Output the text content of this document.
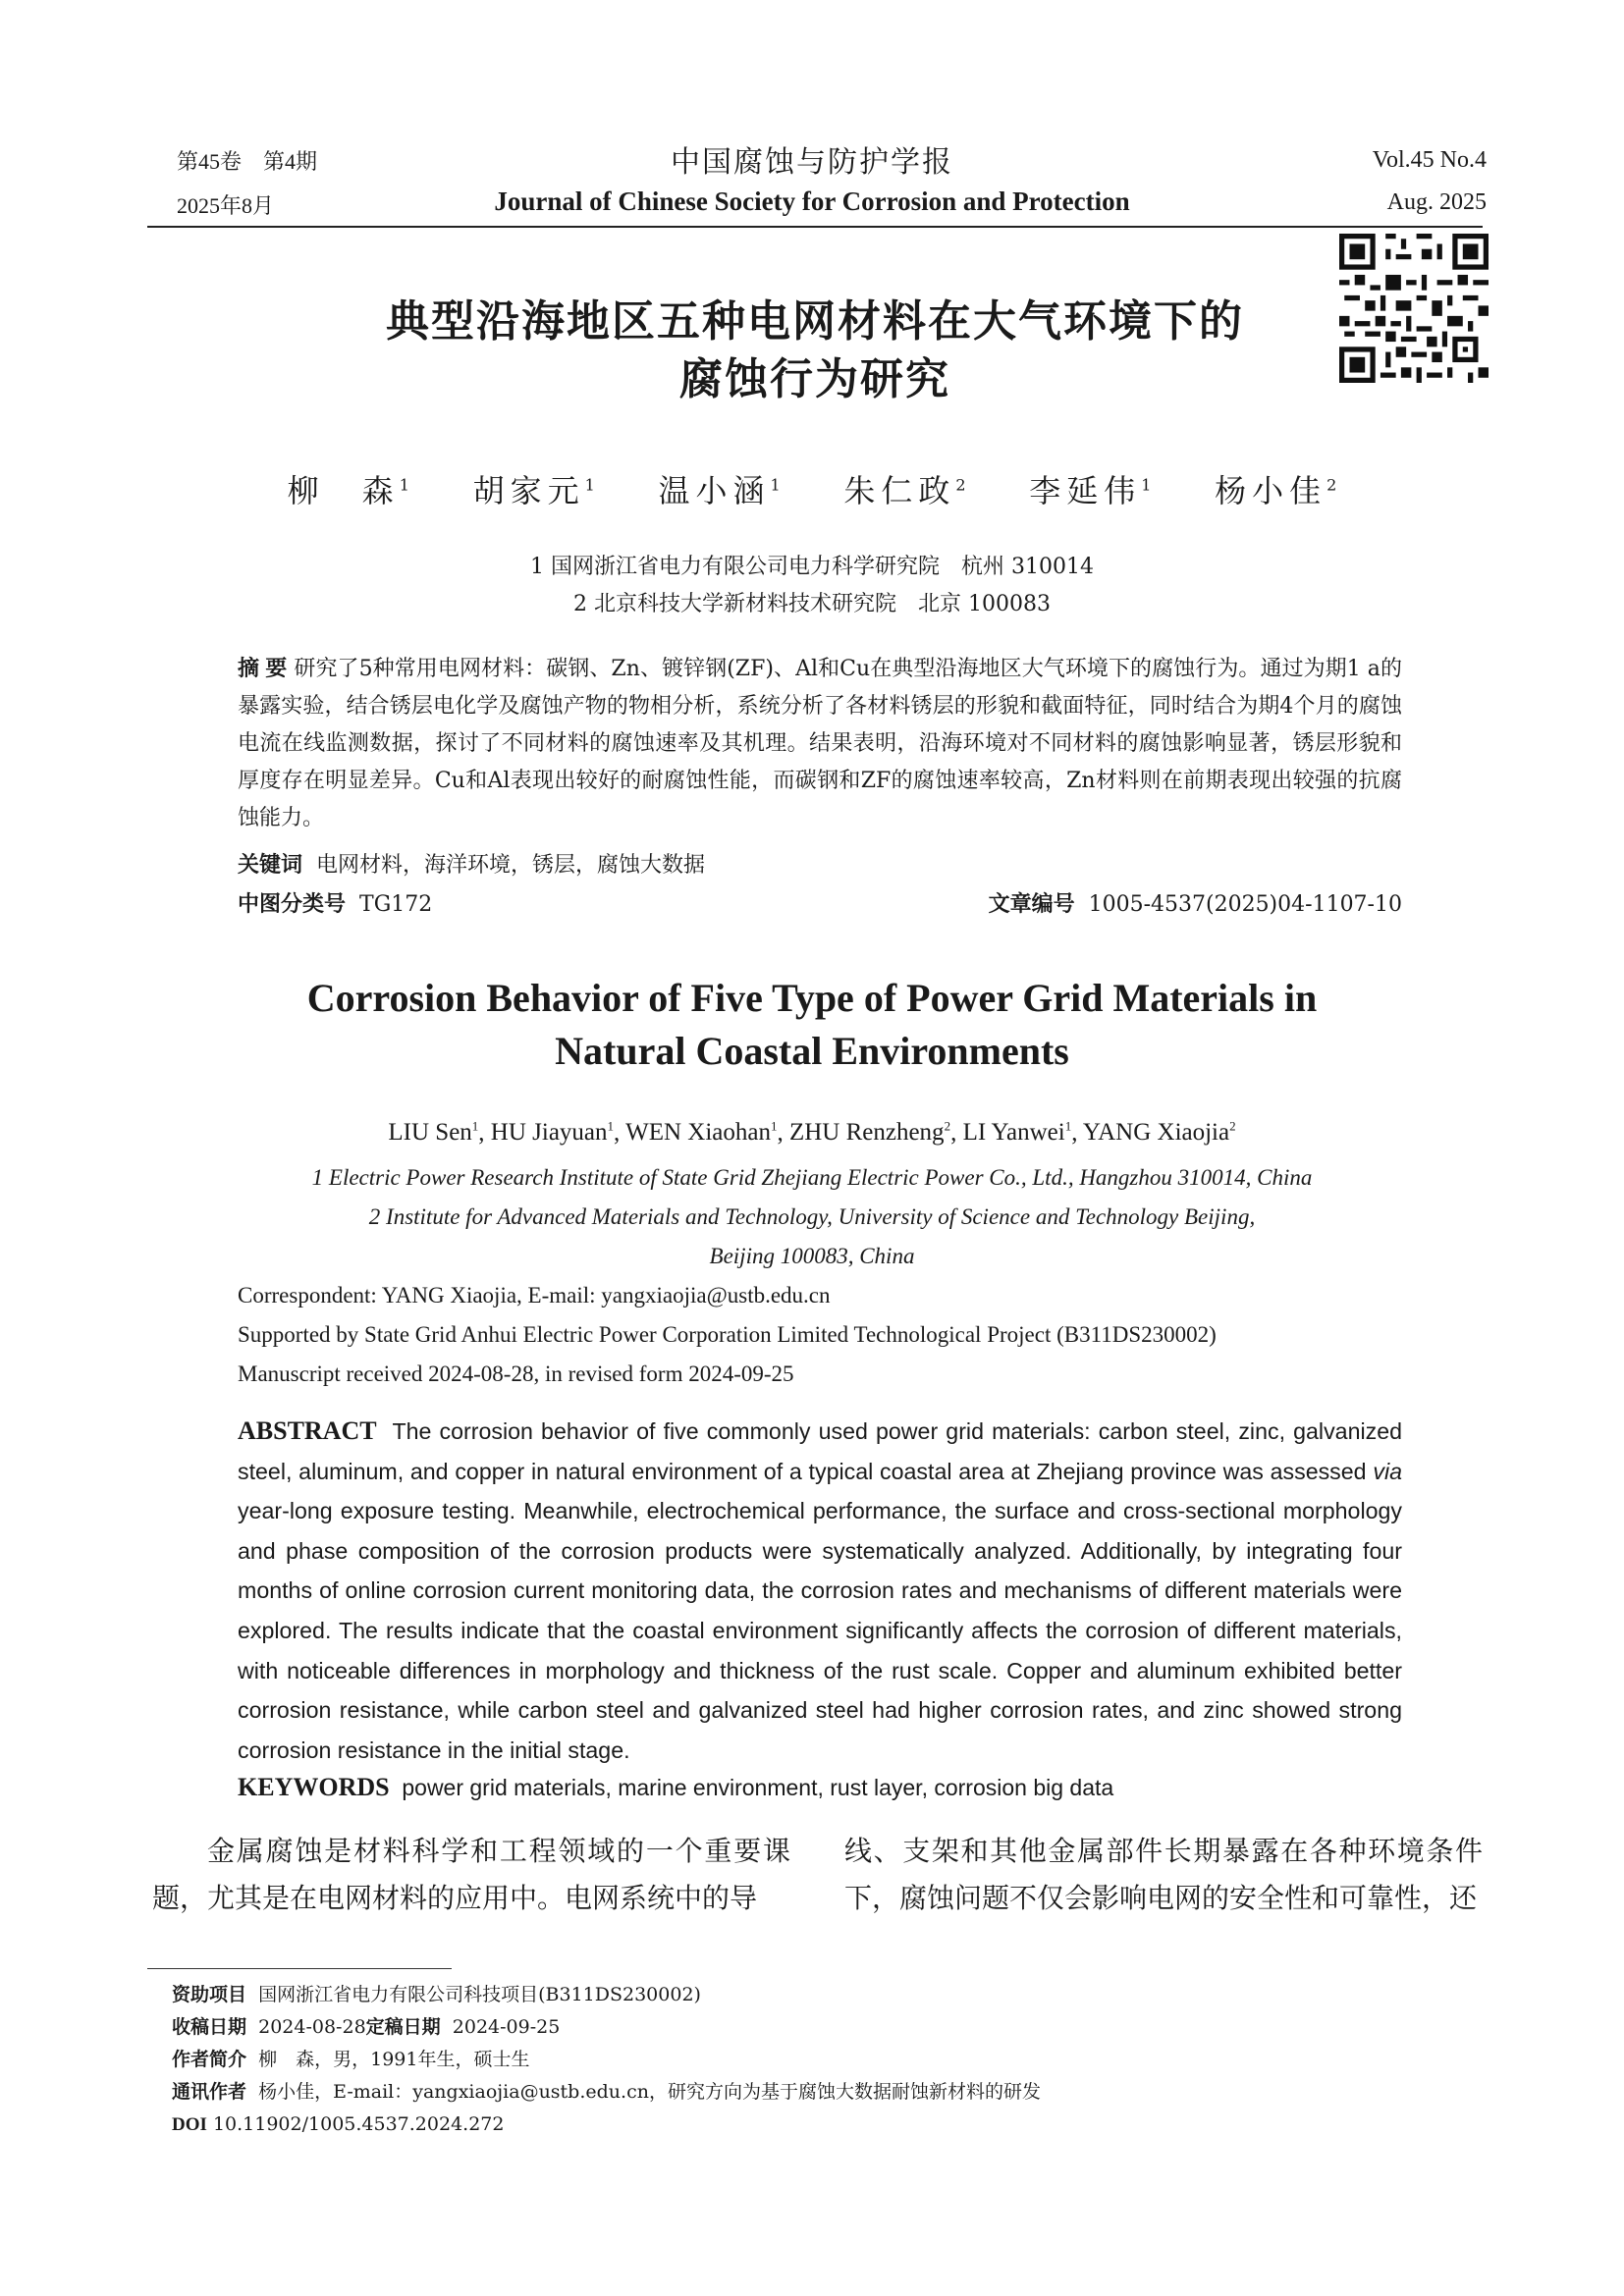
第45卷　第4期
2025年8月
中国腐蚀与防护学报
Journal of Chinese Society for Corrosion and Protection
Vol.45 No.4
Aug. 2025
典型沿海地区五种电网材料在大气环境下的
腐蚀行为研究
柳　森$^1$ 胡家元$^1$ 温小涵$^1$ 朱仁政$^2$ 李延伟$^1$ 杨小佳$^2$
1 国网浙江省电力有限公司电力科学研究院　杭州 310014
2 北京科技大学新材料技术研究院　北京 100083
摘 要 研究了5种常用电网材料：碳钢、Zn、镀锌钢(ZF)、Al和Cu在典型沿海地区大气环境下的腐蚀行为。通过为期1 a的暴露实验，结合锈层电化学及腐蚀产物的物相分析，系统分析了各材料锈层的形貌和截面特征，同时结合为期4个月的腐蚀电流在线监测数据，探讨了不同材料的腐蚀速率及其机理。结果表明，沿海环境对不同材料的腐蚀影响显著，锈层形貌和厚度存在明显差异。Cu和Al表现出较好的耐腐蚀性能，而碳钢和ZF的腐蚀速率较高，Zn材料则在前期表现出较强的抗腐蚀能力。
关键词 电网材料，海洋环境，锈层，腐蚀大数据
中图分类号 TG172	文章编号 1005-4537(2025)04-1107-10
Corrosion Behavior of Five Type of Power Grid Materials in
Natural Coastal Environments
LIU Sen$^1$, HU Jiayuan$^1$, WEN Xiaohan$^1$, ZHU Renzheng$^2$, LI Yanwei$^1$, YANG Xiaojia$^2$
1 Electric Power Research Institute of State Grid Zhejiang Electric Power Co., Ltd., Hangzhou 310014, China
2 Institute for Advanced Materials and Technology, University of Science and Technology Beijing,
Beijing 100083, China
Correspondent: YANG Xiaojia, E-mail: yangxiaojia@ustb.edu.cn
Supported by State Grid Anhui Electric Power Corporation Limited Technological Project (B311DS230002)
Manuscript received 2024-08-28, in revised form 2024-09-25
ABSTRACT The corrosion behavior of five commonly used power grid materials: carbon steel, zinc, galvanized steel, aluminum, and copper in natural environment of a typical coastal area at Zhejiang province was assessed via year-long exposure testing. Meanwhile, electrochemical performance, the surface and cross-sectional morphology and phase composition of the corrosion products were systematically analyzed. Additionally, by integrating four months of online corrosion current monitoring data, the corrosion rates and mechanisms of different materials were explored. The results indicate that the coastal environment significantly affects the corrosion of different materials, with noticeable differences in morphology and thickness of the rust scale. Copper and aluminum exhibited better corrosion resistance, while carbon steel and galvanized steel had higher corrosion rates, and zinc showed strong corrosion resistance in the initial stage.
KEYWORDS power grid materials, marine environment, rust layer, corrosion big data
金属腐蚀是材料科学和工程领域的一个重要课题，尤其是在电网材料的应用中。电网系统中的导
线、支架和其他金属部件长期暴露在各种环境条件下，腐蚀问题不仅会影响电网的安全性和可靠性，还
资助项目 国网浙江省电力有限公司科技项目(B311DS230002)
收稿日期 2024-08-28定稿日期 2024-09-25
作者简介 柳　森，男，1991年生，硕士生
通讯作者 杨小佳，E-mail：yangxiaojia@ustb.edu.cn，研究方向为基于腐蚀大数据耐蚀新材料的研发
DOI 10.11902/1005.4537.2024.272
